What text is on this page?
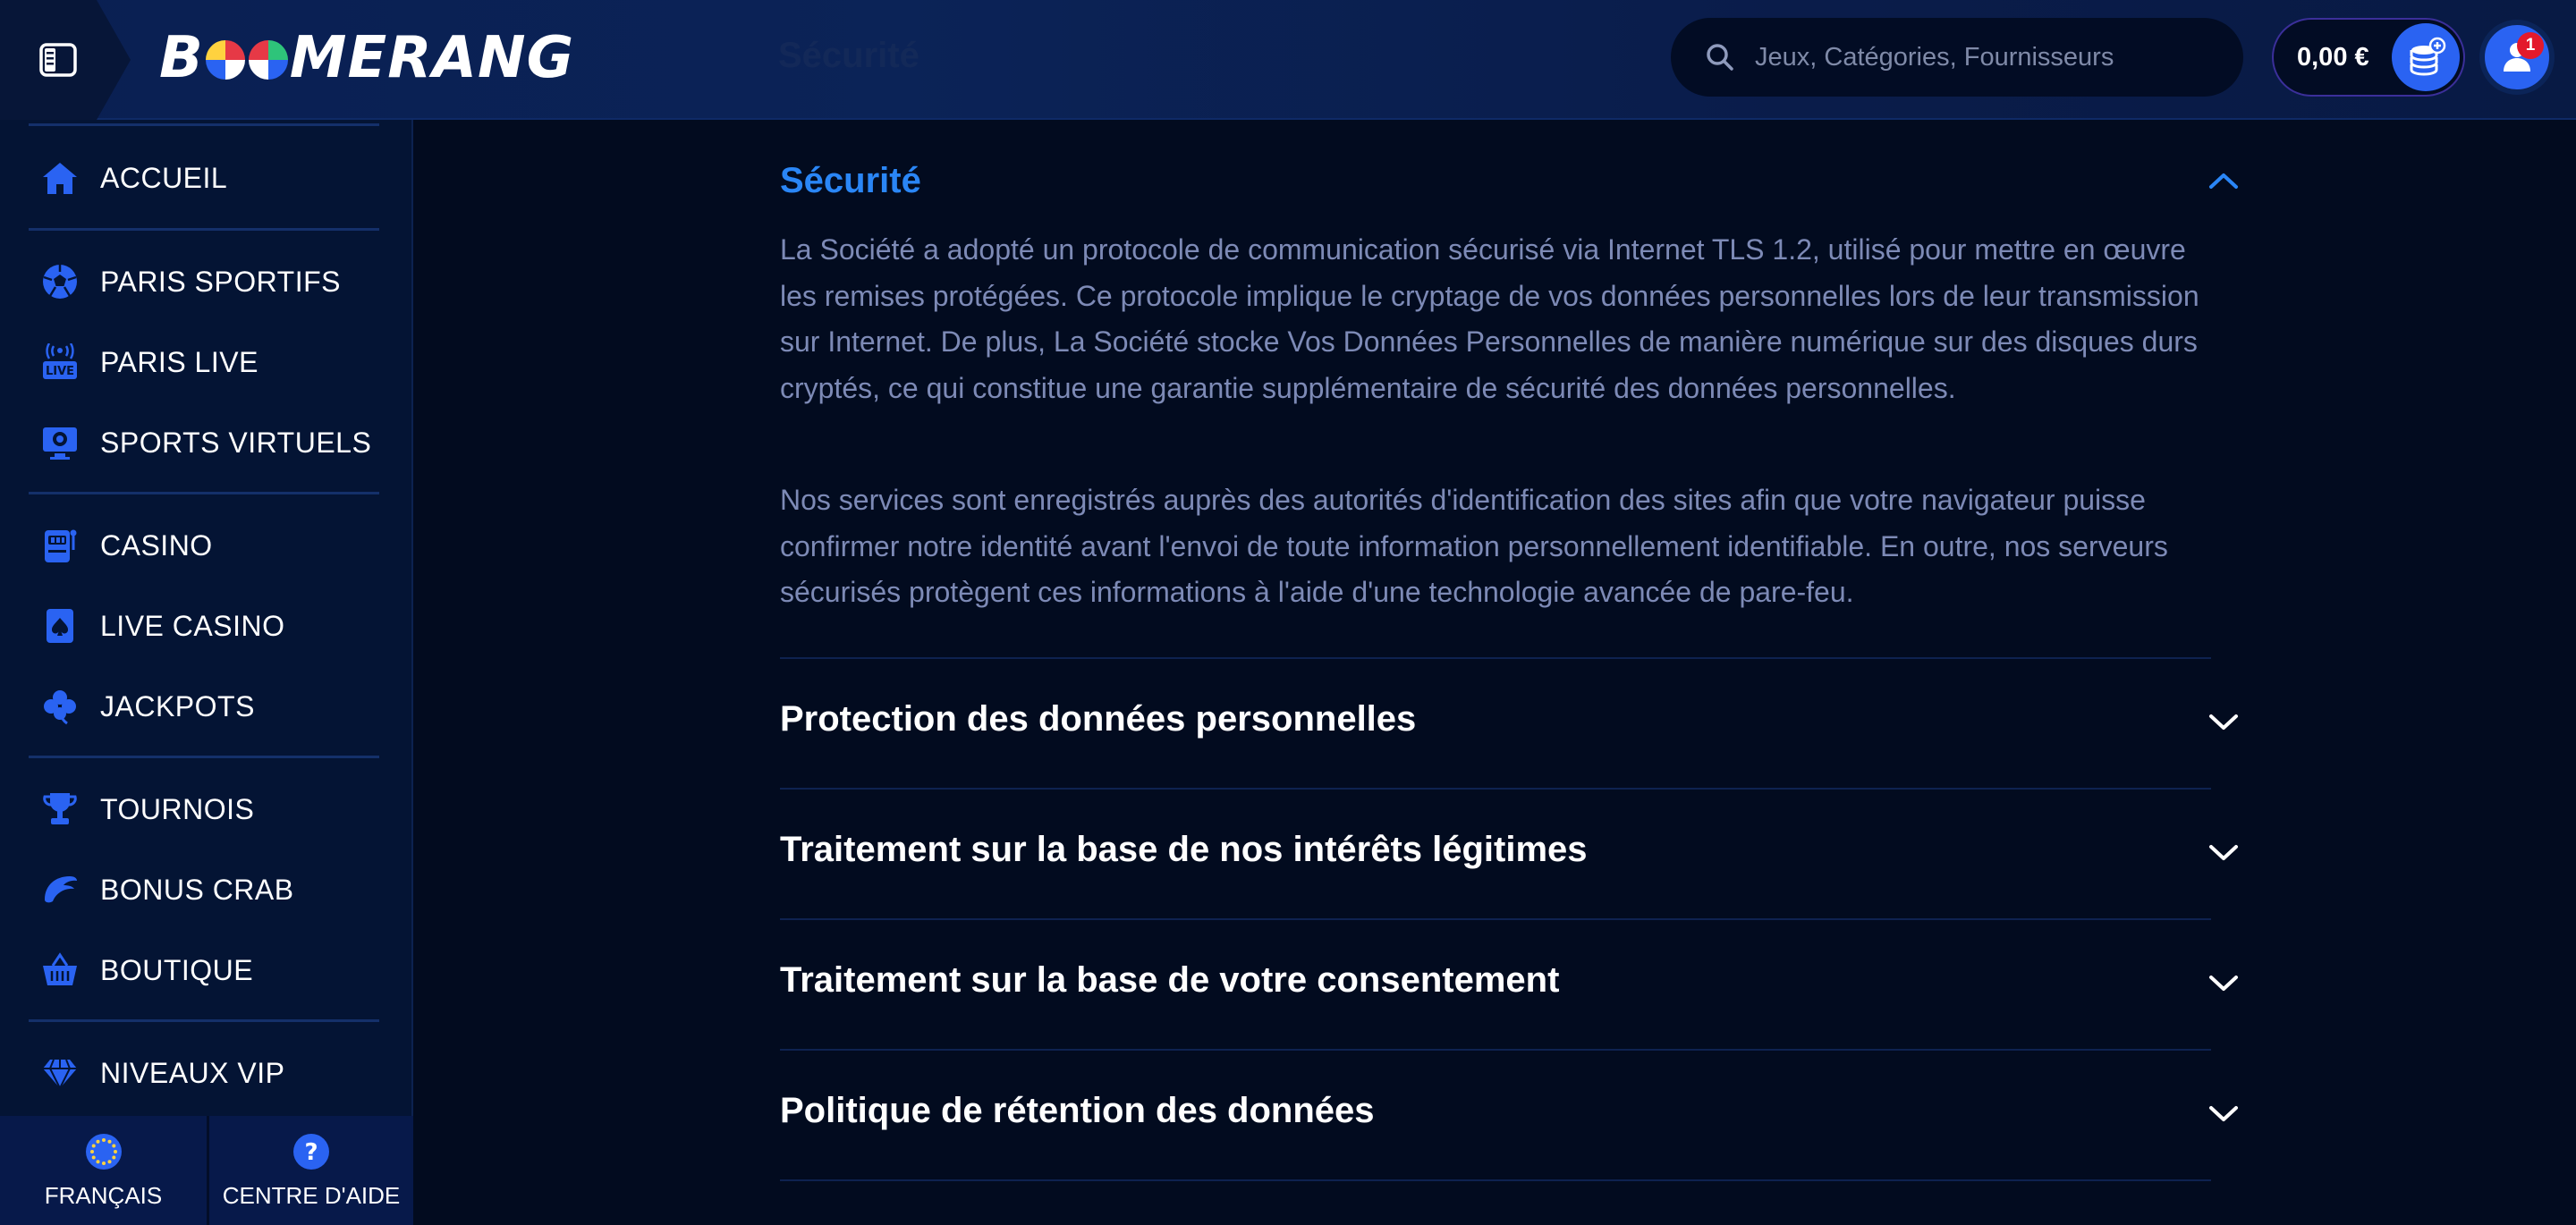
B MERANG	Sécurité
Jeux, Catégories, Fournisseurs	0,00 €	1
ACCUEIL
PARIS SPORTIFS
LIVE PARIS LIVE
SPORTS VIRTUELS
CASINO
LIVE CASINO
JACKPOTS
TOURNOIS
BONUS CRAB
BOUTIQUE
NIVEAUX VIP
FRANÇAIS
?
CENTRE D'AIDE
Sécurité
La Société a adopté un protocole de communication sécurisé via Internet TLS 1.2, utilisé pour mettre en œuvre les remises protégées. Ce protocole implique le cryptage de vos données personnelles lors de leur transmission sur Internet. De plus, La Société stocke Vos Données Personnelles de manière numérique sur des disques durs cryptés, ce qui constitue une garantie supplémentaire de sécurité des données personnelles.
Nos services sont enregistrés auprès des autorités d'identification des sites afin que votre navigateur puisse confirmer notre identité avant l'envoi de toute information personnellement identifiable. En outre, nos serveurs sécurisés protègent ces informations à l'aide d'une technologie avancée de pare-feu.
Protection des données personnelles
Traitement sur la base de nos intérêts légitimes
Traitement sur la base de votre consentement
Politique de rétention des données
